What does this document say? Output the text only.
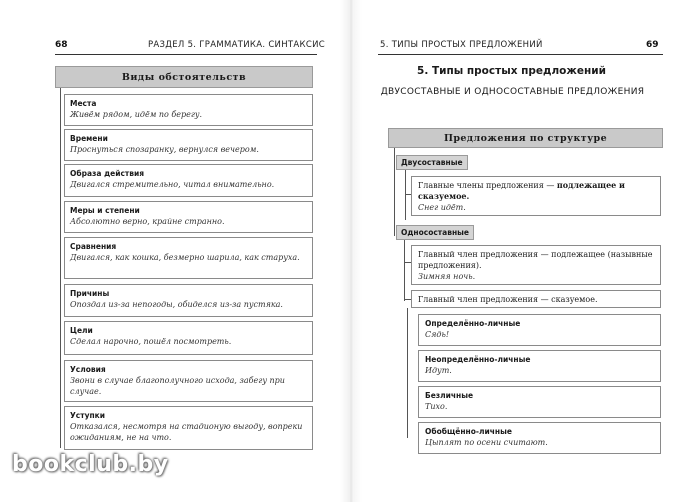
68	РАЗДЕЛ 5. ГРАММАТИКА. СИНТАКСИС
Виды обстоятельств
Места
Живём рядом, идём по берегу.
Времени
Проснуться спозаранку, вернулся вечером.
Образа действия
Двигался стремительно, читал внимательно.
Меры и степени
Абсолютно верно, крайне странно.
Сравнения
Двигался, как кошка, безмерно шарила, как старуха.
Причины
Опоздал из-за непогоды, обиделся из-за пустяка.
Цели
Сделал нарочно, пошёл посмотреть.
Условия
Звони в случае благополучного исхода, забегу при случае.
Уступки
Отказался, несмотря на стадионую выгоду, вопреки ожиданиям, не на что.
5. ТИПЫ ПРОСТЫХ ПРЕДЛОЖЕНИЙ	69
5. Типы простых предложений
ДВУСОСТАВНЫЕ И ОДНОСОСТАВНЫЕ ПРЕДЛОЖЕНИЯ
Предложения по структуре
Двусоставные
Главные члены предложения — подлежащее и сказуемое.
Снег идёт.
Односоставные
Главный член предложения — подлежащее (назывные предложения).
Зимняя ночь.
Главный член предложения — сказуемое.
Определённо-личные
Сядь!
Неопределённо-личные
Идут.
Безличные
Тихо.
Обобщённо-личные
Цыплят по осени считают.
bookclub.by
